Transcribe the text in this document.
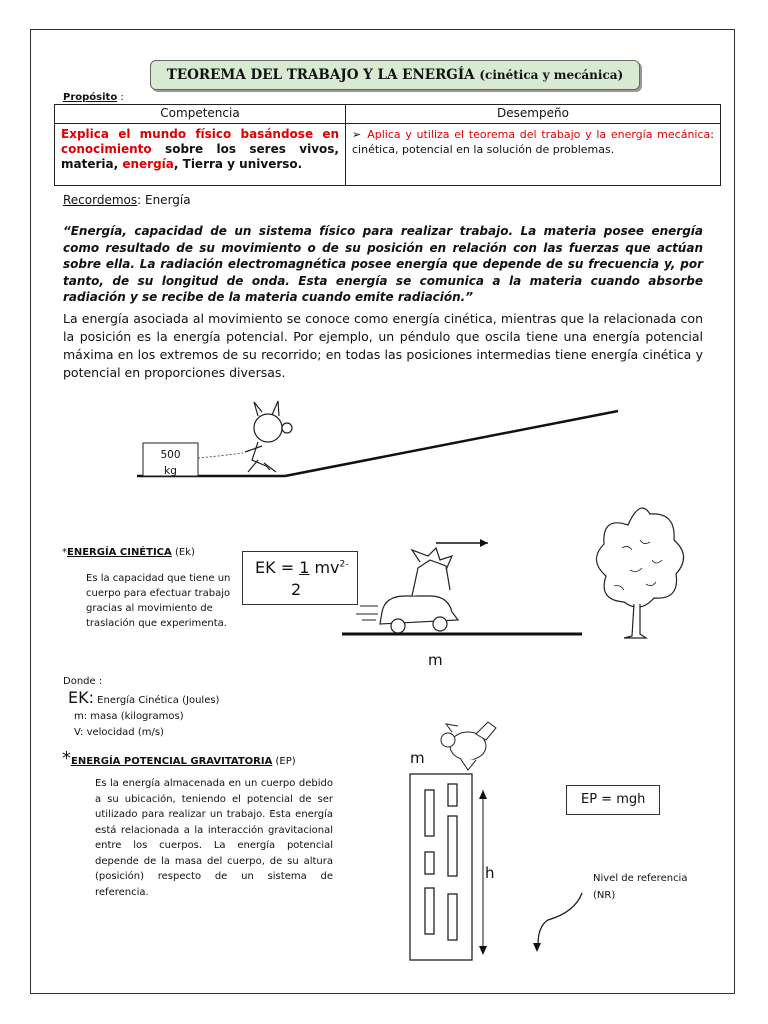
TEOREMA DEL TRABAJO Y LA ENERGÍA (cinética y mecánica)
Propósito :
Competencia	Desempeño
Explica el mundo físico basándose en conocimiento sobre los seres vivos, materia, energía, Tierra y universo.	➢ Aplica y utiliza el teorema del trabajo y la energía mecánica: cinética, potencial en la solución de problemas.
Recordemos: Energía
“Energía, capacidad de un sistema físico para realizar trabajo. La materia posee energía como resultado de su movimiento o de su posición en relación con las fuerzas que actúan sobre ella. La radiación electromagnética posee energía que depende de su frecuencia y, por tanto, de su longitud de onda. Esta energía se comunica a la materia cuando absorbe radiación y se recibe de la materia cuando emite radiación.”
La energía asociada al movimiento se conoce como energía cinética, mientras que la relacionada con la posición es la energía potencial. Por ejemplo, un péndulo que oscila tiene una energía potencial máxima en los extremos de su recorrido; en todas las posiciones intermedias tiene energía cinética y potencial en proporciones diversas.
500 kg
*ENERGÍA CINÉTICA (Ek)
Es la capacidad que tiene un cuerpo para efectuar trabajo gracias al movimiento de traslación que experimenta.
EK = 1 $mv^{2-}$
2
m
Donde :
EK: Energía Cinética (Joules)
m: masa (kilogramos)
V: velocidad (m/s)
*ENERGÍA POTENCIAL GRAVITATORIA (EP)
Es la energía almacenada en un cuerpo debido a su ubicación, teniendo el potencial de ser utilizado para realizar un trabajo. Esta energía está relacionada a la interacción gravitacional entre los cuerpos. La energía potencial depende de la masa del cuerpo, de su altura (posición) respecto de un sistema de referencia.
m
h
EP = mgh
Nivel de referencia (NR)
